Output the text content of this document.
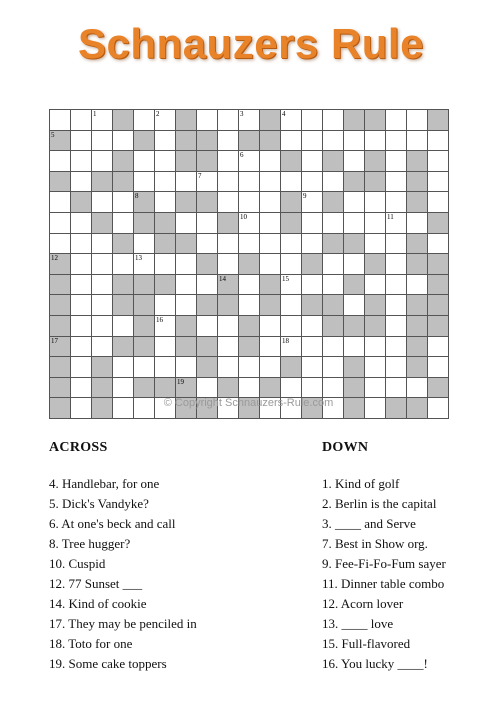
Schnauzers Rule
1	2	3	4
5
6
7
8	9
10	11
12	13
14	15
16
17	18
19
© Copyright Schnauzers-Rule.com
ACROSS
4. Handlebar, for one
5. Dick's Vandyke?
6. At one's beck and call
8. Tree hugger?
10. Cuspid
12. 77 Sunset ___
14. Kind of cookie
17. They may be penciled in
18. Toto for one
19. Some cake toppers
DOWN
1. Kind of golf
2. Berlin is the capital
3. ____ and Serve
7. Best in Show org.
9. Fee-Fi-Fo-Fum sayer
11. Dinner table combo
12. Acorn lover
13. ____ love
15. Full-flavored
16. You lucky ____!
